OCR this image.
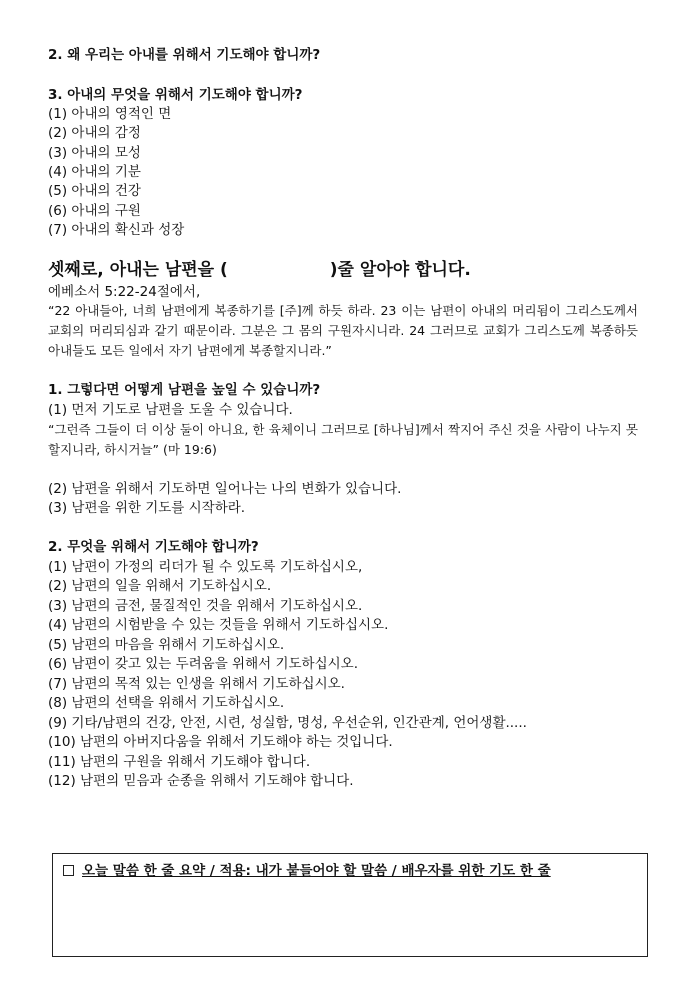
2. 왜 우리는 아내를 위해서 기도해야 합니까?
3. 아내의 무엇을 위해서 기도해야 합니까?
(1) 아내의 영적인 면
(2) 아내의 감정
(3) 아내의 모성
(4) 아내의 기분
(5) 아내의 건강
(6) 아내의 구원
(7) 아내의 확신과 성장
셋째로, 아내는 남편을 (	)줄 알아야 합니다.
에베소서 5:22-24절에서,
“22 아내들아, 너희 남편에게 복종하기를 [주]께 하듯 하라. 23 이는 남편이 아내의 머리됨이 그리스도께서 교회의 머리되심과 같기 때문이라. 그분은 그 몸의 구원자시니라. 24 그러므로 교회가 그리스도께 복종하듯 아내들도 모든 일에서 자기 남편에게 복종할지니라.”
1. 그렇다면 어떻게 남편을 높일 수 있습니까?
(1) 먼저 기도로 남편을 도울 수 있습니다.
“그런즉 그들이 더 이상 둘이 아니요, 한 육체이니 그러므로 [하나님]께서 짝지어 주신 것을 사람이 나누지 못 할지니라, 하시거늘” (마 19:6)
(2) 남편을 위해서 기도하면 일어나는 나의 변화가 있습니다.
(3) 남편을 위한 기도를 시작하라.
2. 무엇을 위해서 기도해야 합니까?
(1) 남편이 가정의 리더가 될 수 있도록 기도하십시오,
(2) 남편의 일을 위해서 기도하십시오.
(3) 남편의 금전, 물질적인 것을 위해서 기도하십시오.
(4) 남편의 시험받을 수 있는 것들을 위해서 기도하십시오.
(5) 남편의 마음을 위해서 기도하십시오.
(6) 남편이 갖고 있는 두려움을 위해서 기도하십시오.
(7) 남편의 목적 있는 인생을 위해서 기도하십시오.
(8) 남편의 선택을 위해서 기도하십시오.
(9) 기타/남편의 건강, 안전, 시련, 성실함, 명성, 우선순위, 인간관계, 언어생활.....
(10) 남편의 아버지다움을 위해서 기도해야 하는 것입니다.
(11) 남편의 구원을 위해서 기도해야 합니다.
(12) 남편의 믿음과 순종을 위해서 기도해야 합니다.
오늘 말씀 한 줄 요약 / 적용: 내가 붙들어야 할 말씀 / 배우자를 위한 기도 한 줄
